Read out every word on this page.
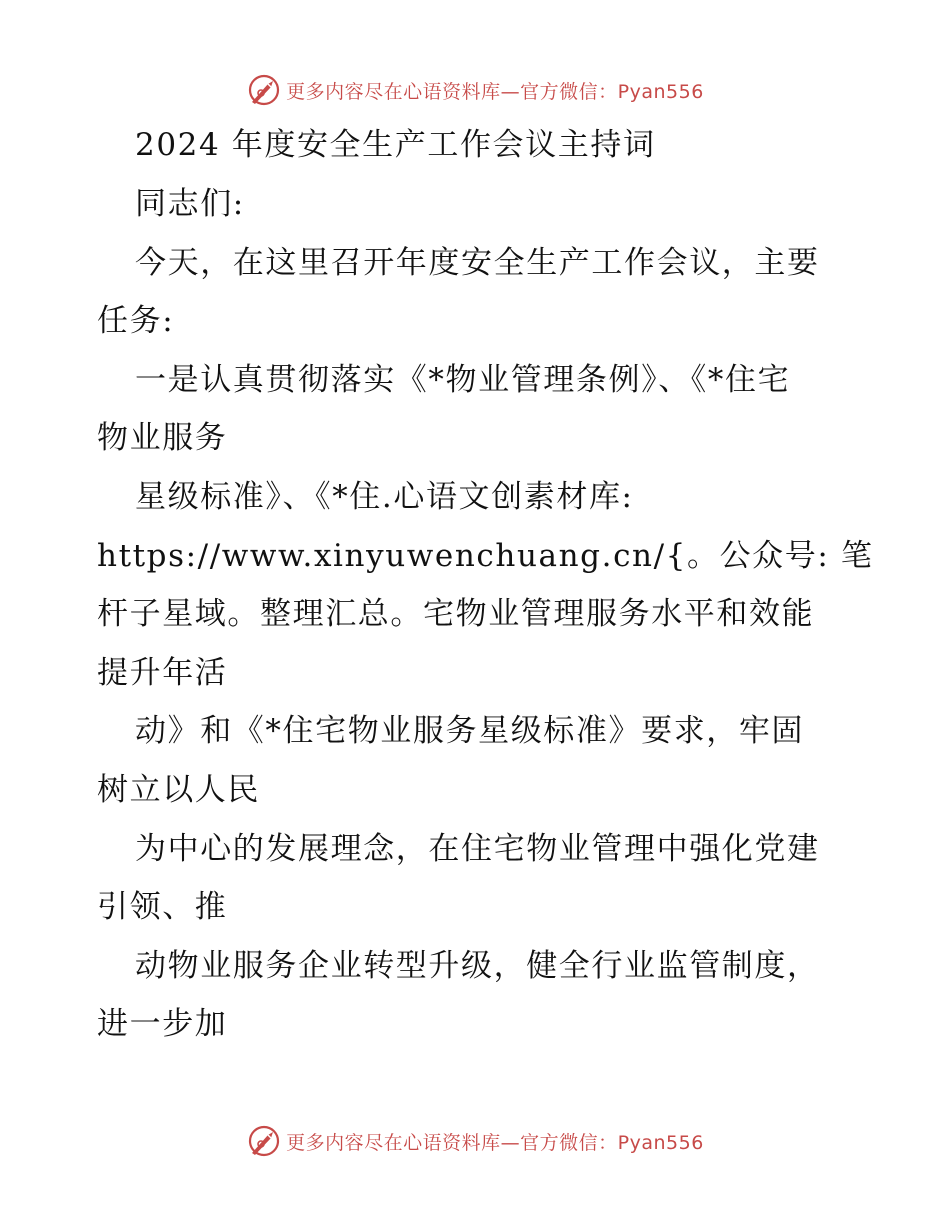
更多内容尽在心语资料库—官方微信：Pyan556
2024 年度安全生产工作会议主持词

同志们:

今天，在这里召开年度安全生产工作会议，主要

任务:

一是认真贯彻落实《*物业管理条例》、《*住宅

物业服务

星级标准》、《*住.心语文创素材库:

https://www.xinyuwenchuang.cn/{。公众号: 笔

杆子星域。整理汇总。宅物业管理服务水平和效能

提升年活

动》和《*住宅物业服务星级标准》要求，牢固

树立以人民

为中心的发展理念，在住宅物业管理中强化党建

引领、推

动物业服务企业转型升级，健全行业监管制度，

进一步加

更多内容尽在心语资料库—官方微信：Pyan556
